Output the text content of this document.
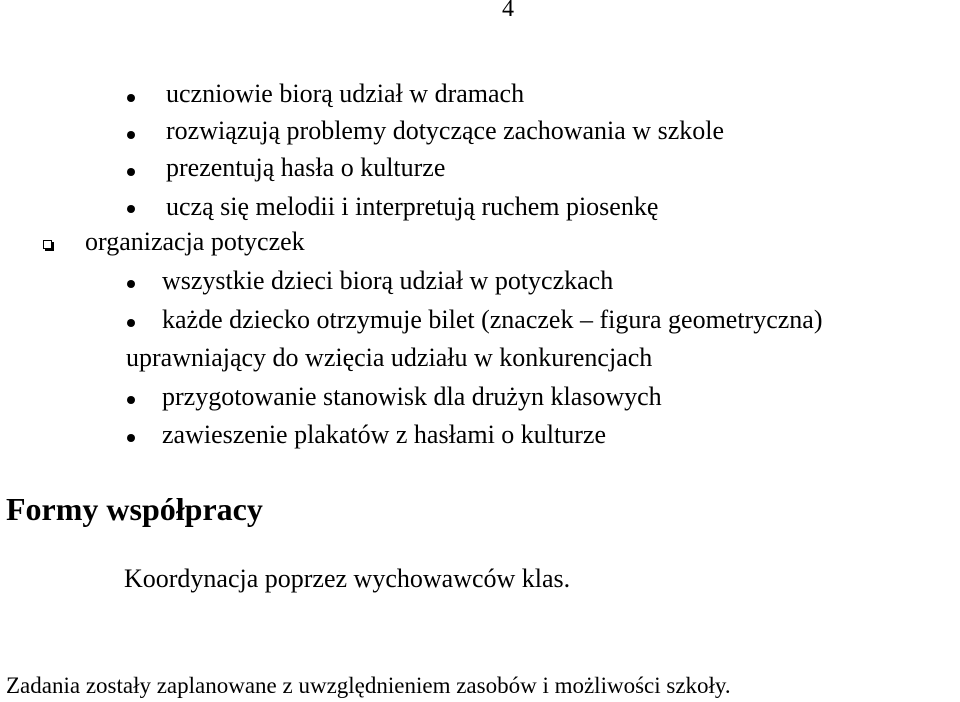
4
uczniowie biorą udział w dramach
rozwiązują problemy dotyczące zachowania w szkole
prezentują hasła o kulturze
uczą się melodii i interpretują ruchem piosenkę
organizacja potyczek
wszystkie dzieci biorą udział w potyczkach
każde dziecko otrzymuje bilet (znaczek – figura geometryczna)
uprawniający do wzięcia udziału w konkurencjach
przygotowanie stanowisk dla drużyn klasowych
zawieszenie plakatów z hasłami o kulturze
Formy współpracy
Koordynacja poprzez wychowawców klas.
Zadania zostały zaplanowane z uwzględnieniem zasobów i możliwości szkoły.
